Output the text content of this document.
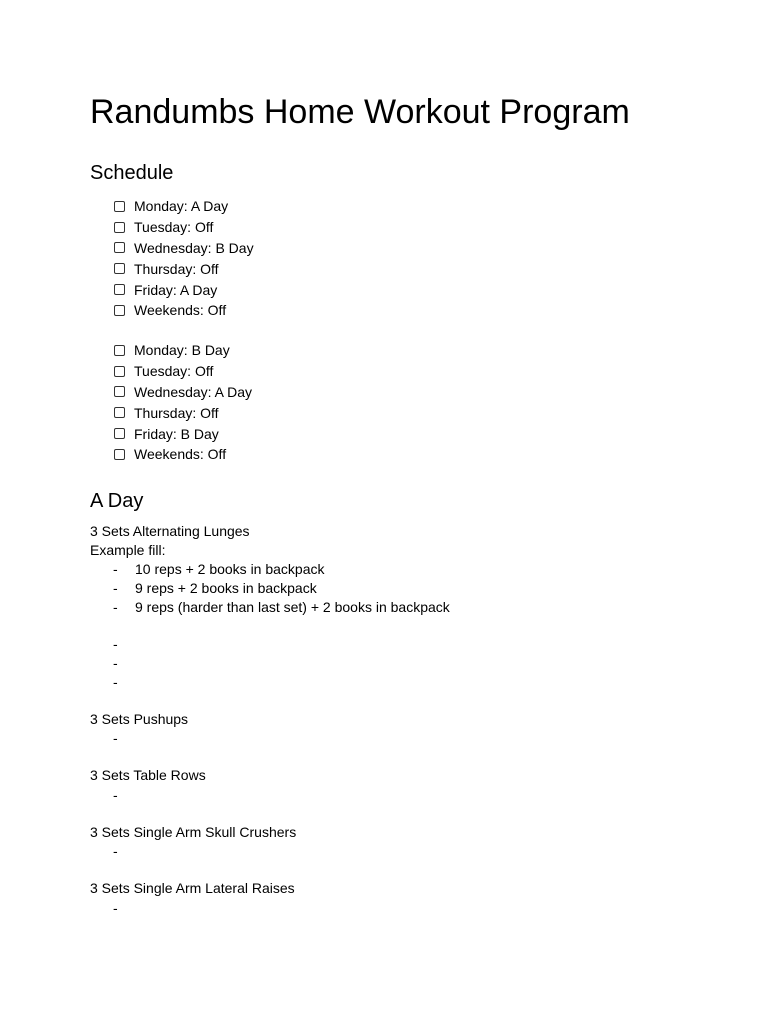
Randumbs Home Workout Program
Schedule
Monday: A Day
Tuesday: Off
Wednesday: B Day
Thursday: Off
Friday: A Day
Weekends: Off
Monday: B Day
Tuesday: Off
Wednesday: A Day
Thursday: Off
Friday: B Day
Weekends: Off
A Day

3 Sets Alternating Lunges

Example fill:

-	10 reps + 2 books in backpack
-	9 reps + 2 books in backpack
-	9 reps (harder than last set) + 2 books in backpack
-
-
-

3 Sets Pushups

-

3 Sets Table Rows

-

3 Sets Single Arm Skull Crushers

-

3 Sets Single Arm Lateral Raises

-
